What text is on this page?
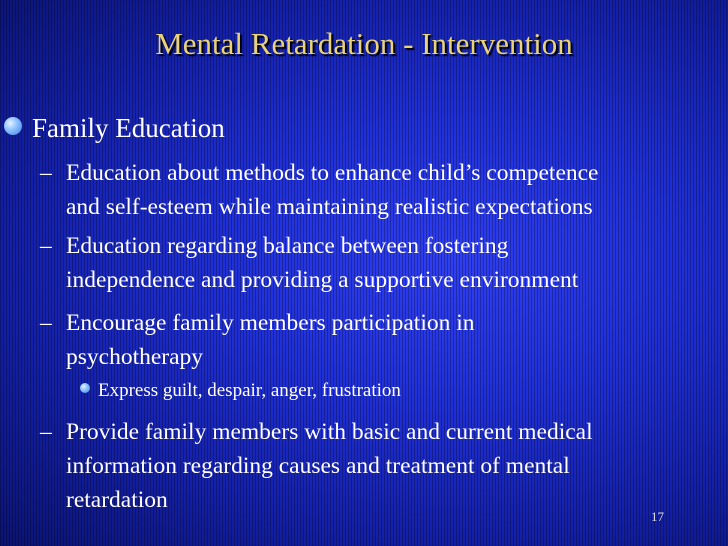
Mental Retardation - Intervention
Family Education
– Education about methods to enhance child’s competence
and self-esteem while maintaining realistic expectations
– Education regarding balance between fostering
independence and providing a supportive environment
– Encourage family members participation in
psychotherapy
Express guilt, despair, anger, frustration
– Provide family members with basic and current medical
information regarding causes and treatment of mental
retardation
17
